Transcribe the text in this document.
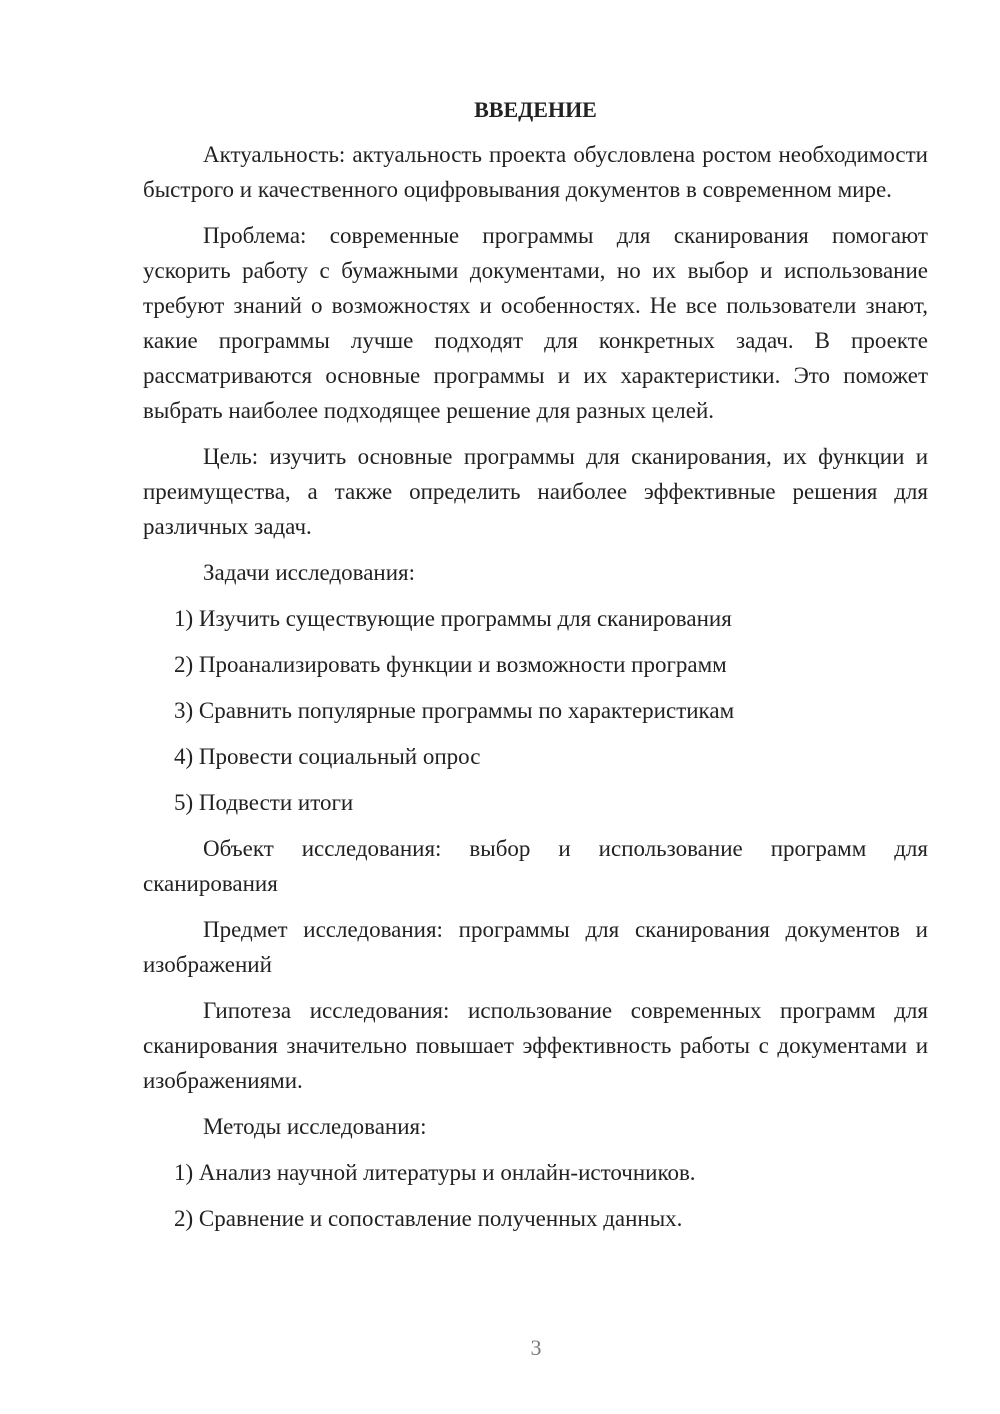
ВВЕДЕНИЕ

Актуальность: актуальность проекта обусловлена ростом необходимости быстрого и качественного оцифровывания документов в современном мире.

Проблема: современные программы для сканирования помогают ускорить работу с бумажными документами, но их выбор и использование требуют знаний о возможностях и особенностях. Не все пользователи знают, какие программы лучше подходят для конкретных задач. В проекте рассматриваются основные программы и их характеристики. Это поможет выбрать наиболее подходящее решение для разных целей.

Цель: изучить основные программы для сканирования, их функции и преимущества, а также определить наиболее эффективные решения для различных задач.

Задачи исследования:

1) Изучить существующие программы для сканирования

2) Проанализировать функции и возможности программ

3) Сравнить популярные программы по характеристикам

4) Провести социальный опрос

5) Подвести итоги

Объект исследования: выбор и использование программ для сканирования

Предмет исследования: программы для сканирования документов и изображений

Гипотеза исследования: использование современных программ для сканирования значительно повышает эффективность работы с документами и изображениями.

Методы исследования:

1) Анализ научной литературы и онлайн-источников.

2) Сравнение и сопоставление полученных данных.

3
